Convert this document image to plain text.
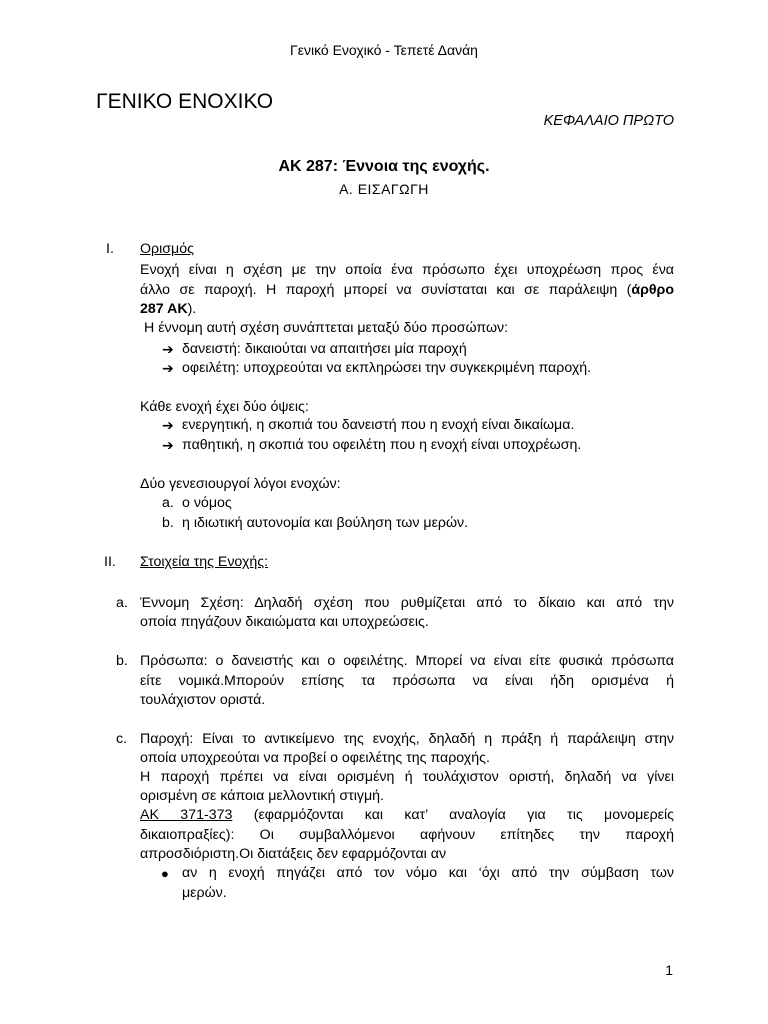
Γενικό Ενοχικό - Τεπετέ Δανάη
ΓΕΝΙΚΟ ΕΝΟΧΙΚΟ
ΚΕΦΑΛΑΙΟ ΠΡΩΤΟ
ΑΚ 287: Έννοια της ενοχής.
Α. ΕΙΣΑΓΩΓΗ
I. Ορισμός
Ενοχή είναι η σχέση με την οποία ένα πρόσωπο έχει υποχρέωση προς ένα
άλλο σε παροχή. Η παροχή μπορεί να συνίσταται και σε παράλειψη (άρθρο
287 ΑΚ).
Η έννομη αυτή σχέση συνάπτεται μεταξύ δύο προσώπων:
➔ δανειστή: δικαιούται να απαιτήσει μία παροχή
➔ οφειλέτη: υποχρεούται να εκπληρώσει την συγκεκριμένη παροχή.
Κάθε ενοχή έχει δύο όψεις:
➔ ενεργητική, η σκοπιά του δανειστή που η ενοχή είναι δικαίωμα.
➔ παθητική, η σκοπιά του οφειλέτη που η ενοχή είναι υποχρέωση.
Δύο γενεσιουργοί λόγοι ενοχών:
a. ο νόμος
b. η ιδιωτική αυτονομία και βούληση των μερών.
II. Στοιχεία της Ενοχής:
a. Έννομη Σχέση: Δηλαδή σχέση που ρυθμίζεται από το δίκαιο και από την
οποία πηγάζουν δικαιώματα και υποχρεώσεις.
b. Πρόσωπα: ο δανειστής και ο οφειλέτης. Μπορεί να είναι είτε φυσικά πρόσωπα
είτε νομικά.Μπορούν επίσης τα πρόσωπα να είναι ήδη ορισμένα ή
τουλάχιστον οριστά.
c. Παροχή: Είναι το αντικείμενο της ενοχής, δηλαδή η πράξη ή παράλειψη στην
οποία υποχρεούται να προβεί ο οφειλέτης της παροχής.
Η παροχή πρέπει να είναι ορισμένη ή τουλάχιστον οριστή, δηλαδή να γίνει
ορισμένη σε κάποια μελλοντική στιγμή.
ΑΚ 371-373 (εφαρμόζονται και κατ’ αναλογία για τις μονομερείς
δικαιοπραξίες): Οι συμβαλλόμενοι αφήνουν επίτηδες την παροχή
απροσδιόριστη.Οι διατάξεις δεν εφαρμόζονται αν
● αν η ενοχή πηγάζει από τον νόμο και ‘όχι από την σύμβαση των
μερών.
1
